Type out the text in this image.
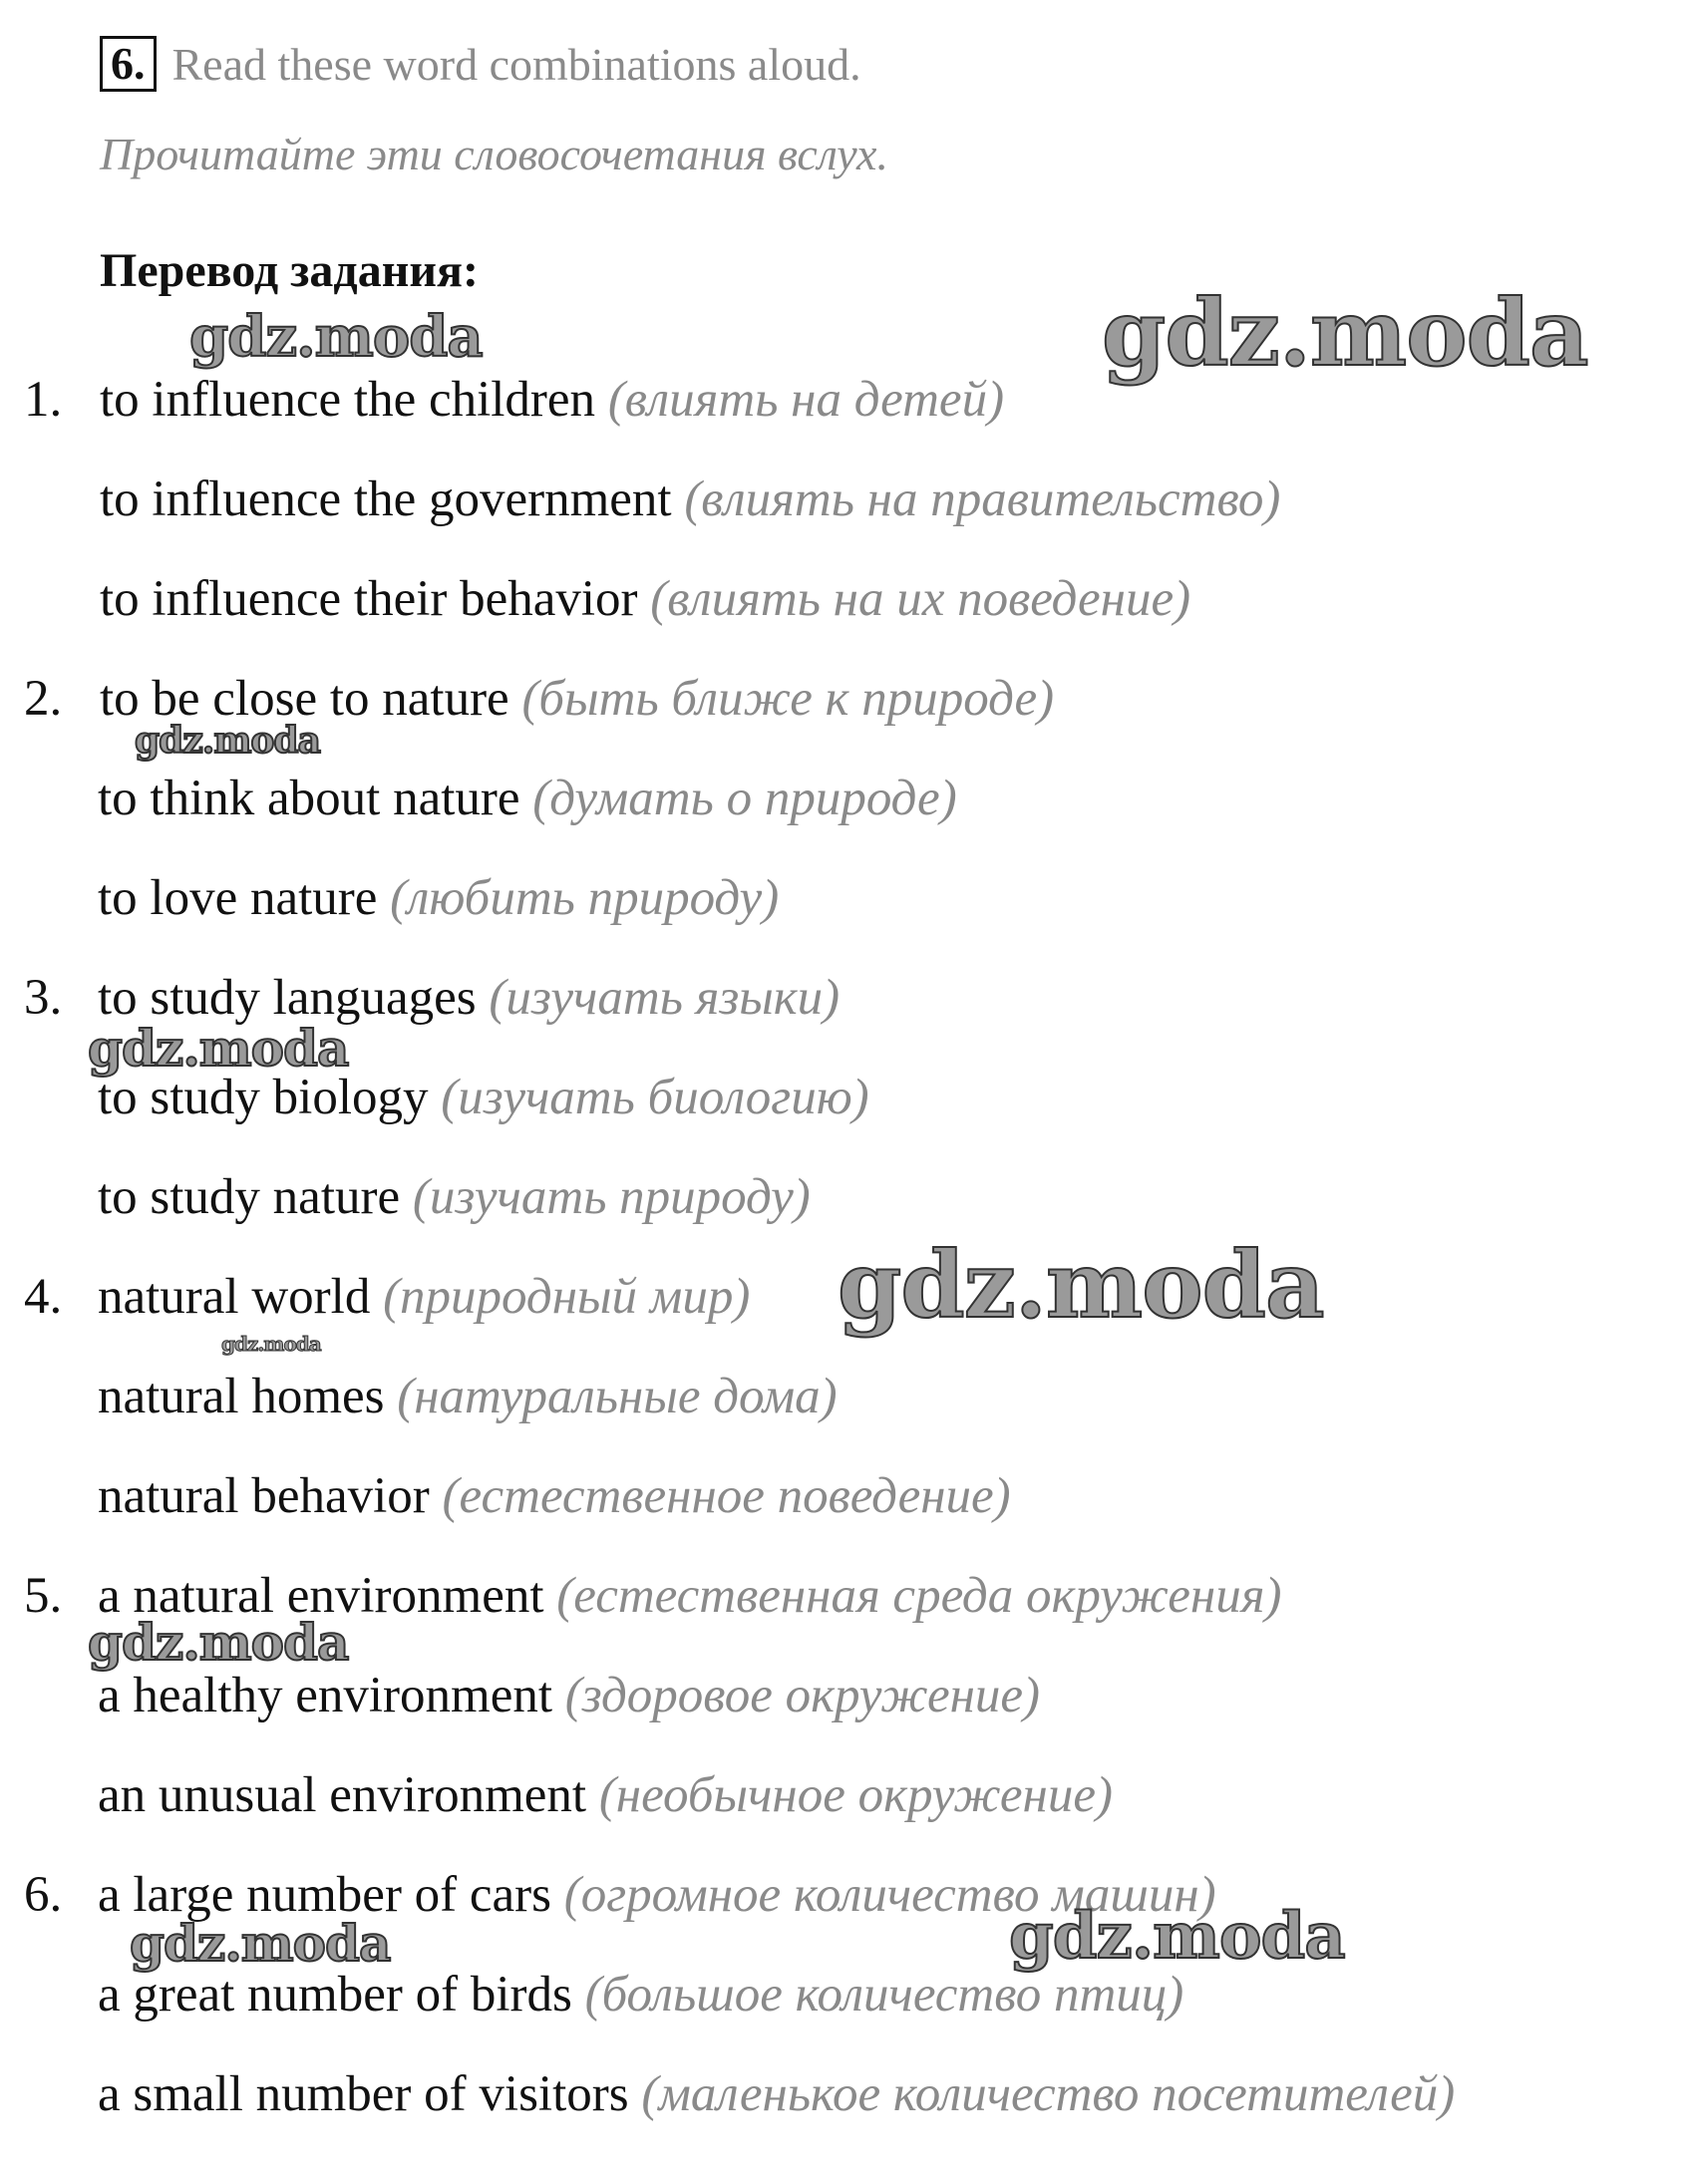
6. Read these word combinations aloud.
Прочитайте эти словосочетания вслух.
Перевод задания:
1. to influence the children (влиять на детей)
to influence the government (влиять на правительство)
to influence their behavior (влиять на их поведение)
2. to be close to nature (быть ближе к природе)
to think about nature (думать о природе)
to love nature (любить природу)
3. to study languages (изучать языки)
to study biology (изучать биологию)
to study nature (изучать природу)
4. natural world (природный мир)
natural homes (натуральные дома)
natural behavior (естественное поведение)
5. a natural environment (естественная среда окружения)
a healthy environment (здоровое окружение)
an unusual environment (необычное окружение)
6. a large number of cars (огромное количество машин)
a great number of birds (большое количество птиц)
a small number of visitors (маленькое количество посетителей)
gdz.moda	gdz.moda
gdz.moda
gdz.moda
gdz.moda
gdz.moda
gdz.moda
gdz.moda	gdz.moda
